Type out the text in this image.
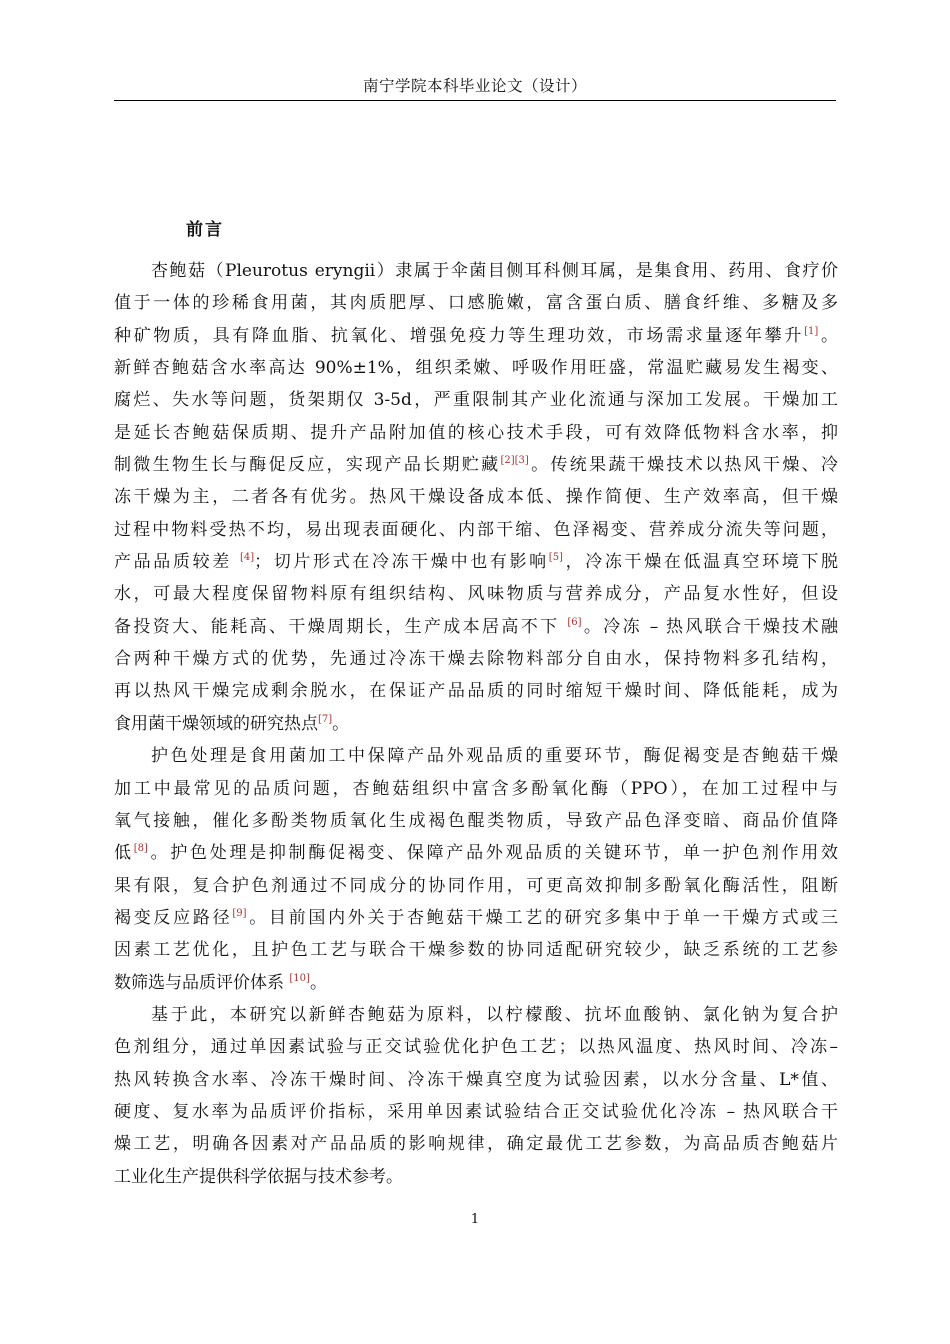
南宁学院本科毕业论文（设计）
前言
杏鲍菇（Pleurotus eryngii）隶属于伞菌目侧耳科侧耳属，是集食用、药用、食疗价
值于一体的珍稀食用菌，其肉质肥厚、口感脆嫩，富含蛋白质、膳食纤维、多糖及多
种矿物质，具有降血脂、抗氧化、增强免疫力等生理功效，市场需求量逐年攀升[1]。
新鲜杏鲍菇含水率高达 90%±1%，组织柔嫩、呼吸作用旺盛，常温贮藏易发生褐变、
腐烂、失水等问题，货架期仅 3-5d，严重限制其产业化流通与深加工发展。干燥加工
是延长杏鲍菇保质期、提升产品附加值的核心技术手段，可有效降低物料含水率，抑
制微生物生长与酶促反应，实现产品长期贮藏[2][3]。传统果蔬干燥技术以热风干燥、冷
冻干燥为主，二者各有优劣。热风干燥设备成本低、操作简便、生产效率高，但干燥
过程中物料受热不均，易出现表面硬化、内部干缩、色泽褐变、营养成分流失等问题，
产品品质较差 [4]；切片形式在冷冻干燥中也有影响[5]，冷冻干燥在低温真空环境下脱
水，可最大程度保留物料原有组织结构、风味物质与营养成分，产品复水性好，但设
备投资大、能耗高、干燥周期长，生产成本居高不下 [6]。冷冻 – 热风联合干燥技术融
合两种干燥方式的优势，先通过冷冻干燥去除物料部分自由水，保持物料多孔结构，
再以热风干燥完成剩余脱水，在保证产品品质的同时缩短干燥时间、降低能耗，成为
食用菌干燥领域的研究热点[7]。
护色处理是食用菌加工中保障产品外观品质的重要环节，酶促褐变是杏鲍菇干燥
加工中最常见的品质问题，杏鲍菇组织中富含多酚氧化酶（PPO），在加工过程中与
氧气接触，催化多酚类物质氧化生成褐色醌类物质，导致产品色泽变暗、商品价值降
低[8]。护色处理是抑制酶促褐变、保障产品外观品质的关键环节，单一护色剂作用效
果有限，复合护色剂通过不同成分的协同作用，可更高效抑制多酚氧化酶活性，阻断
褐变反应路径[9]。目前国内外关于杏鲍菇干燥工艺的研究多集中于单一干燥方式或三
因素工艺优化，且护色工艺与联合干燥参数的协同适配研究较少，缺乏系统的工艺参
数筛选与品质评价体系 [10]。
基于此，本研究以新鲜杏鲍菇为原料，以柠檬酸、抗坏血酸钠、氯化钠为复合护
色剂组分，通过单因素试验与正交试验优化护色工艺；以热风温度、热风时间、冷冻–
热风转换含水率、冷冻干燥时间、冷冻干燥真空度为试验因素，以水分含量、L*值、
硬度、复水率为品质评价指标，采用单因素试验结合正交试验优化冷冻 – 热风联合干
燥工艺，明确各因素对产品品质的影响规律，确定最优工艺参数，为高品质杏鲍菇片
工业化生产提供科学依据与技术参考。
1
